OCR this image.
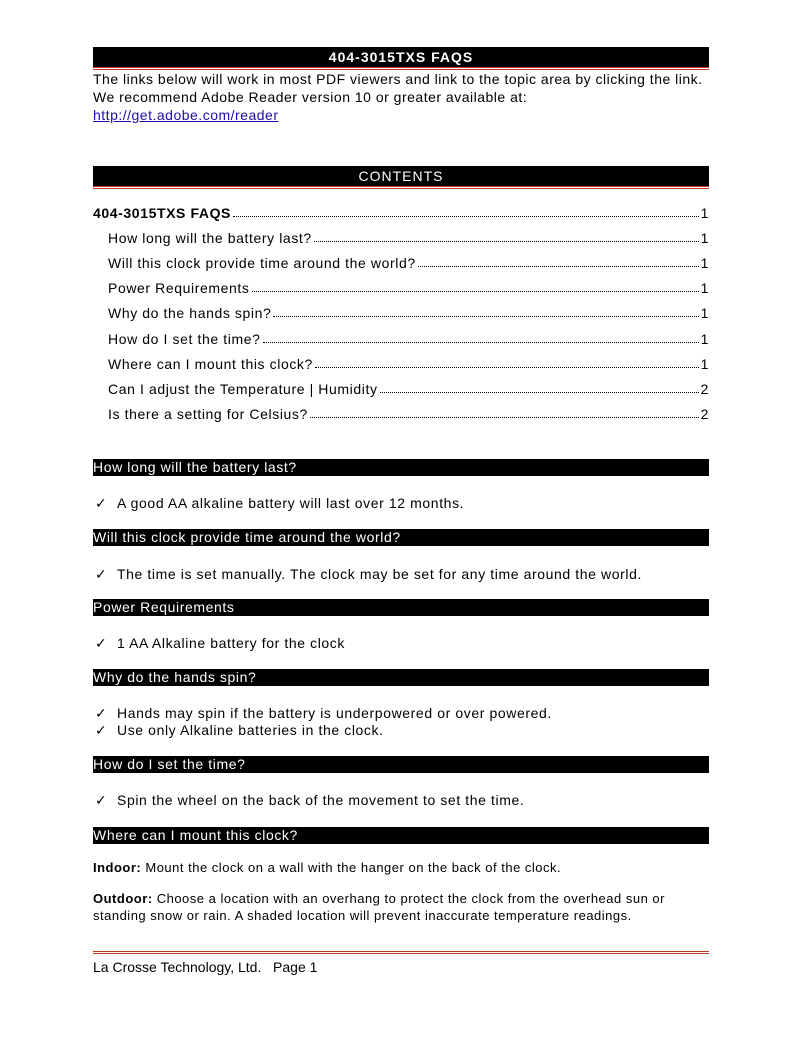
404-3015TXS FAQS
The links below will work in most PDF viewers and link to the topic area by clicking the link. We recommend Adobe Reader version 10 or greater available at:
http://get.adobe.com/reader
CONTENTS
404-3015TXS FAQS	1
How long will the battery last?	1
Will this clock provide time around the world?	1
Power Requirements	1
Why do the hands spin?	1
How do I set the time?	1
Where can I mount this clock?	1
Can I adjust the Temperature | Humidity	2
Is there a setting for Celsius?	2
How long will the battery last?
✓ A good AA alkaline battery will last over 12 months.
Will this clock provide time around the world?
✓ The time is set manually. The clock may be set for any time around the world.
Power Requirements
✓ 1 AA Alkaline battery for the clock
Why do the hands spin?
✓ Hands may spin if the battery is underpowered or over powered.
✓ Use only Alkaline batteries in the clock.
How do I set the time?
✓ Spin the wheel on the back of the movement to set the time.
Where can I mount this clock?
Indoor: Mount the clock on a wall with the hanger on the back of the clock.
Outdoor: Choose a location with an overhang to protect the clock from the overhead sun or standing snow or rain. A shaded location will prevent inaccurate temperature readings.
La Crosse Technology, Ltd.   Page 1
